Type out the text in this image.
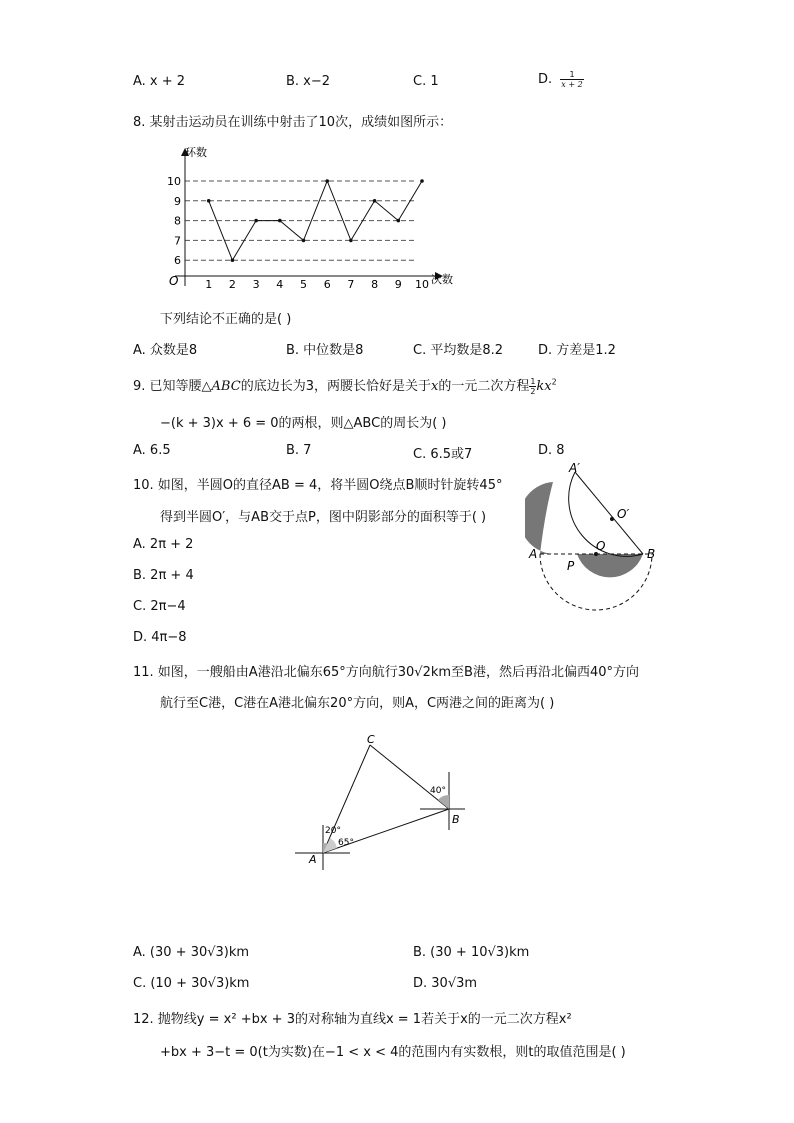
A. x + 2	B. x−2	C. 1	D. $\frac{1}{x + 2}$
8. 某射击运动员在训练中射击了10次，成绩如图所示：
环数
次数
O
6
7
8
9
10
1 2 3 4 5 6 7 8 9 10
下列结论不正确的是( )
A. 众数是8	B. 中位数是8	C. 平均数是8.2	D. 方差是1.2
9. 已知等腰△ABC的底边长为3，两腰长恰好是关于x的一元二次方程 $\frac{1}{2} kx^2$
−(k + 3)x + 6 = 0的两根，则△ABC的周长为( )
A. 6.5	B. 7	C. 6.5或7	D. 8
10. 如图，半圆O的直径AB = 4，将半圆O绕点B顺时针旋转45°
得到半圆O′，与AB交于点P，图中阴影部分的面积等于( )
A. 2π + 2
B. 2π + 4
C. 2π−4
D. 4π−8
A′
O′
A
O
B
P
11. 如图，一艘船由A港沿北偏东65°方向航行30√2km至B港，然后再沿北偏西40°方向
航行至C港，C港在A港北偏东20°方向，则A，C两港之间的距离为( )
C
B
A
40°
20°
65°
A. (30 + 30√3)km	B. (30 + 10√3)km
C. (10 + 30√3)km	D. 30√3m
12. 抛物线y = x² +bx + 3的对称轴为直线x = 1若关于x的一元二次方程x²
+bx + 3−t = 0(t为实数)在−1 < x < 4的范围内有实数根，则t的取值范围是( )
